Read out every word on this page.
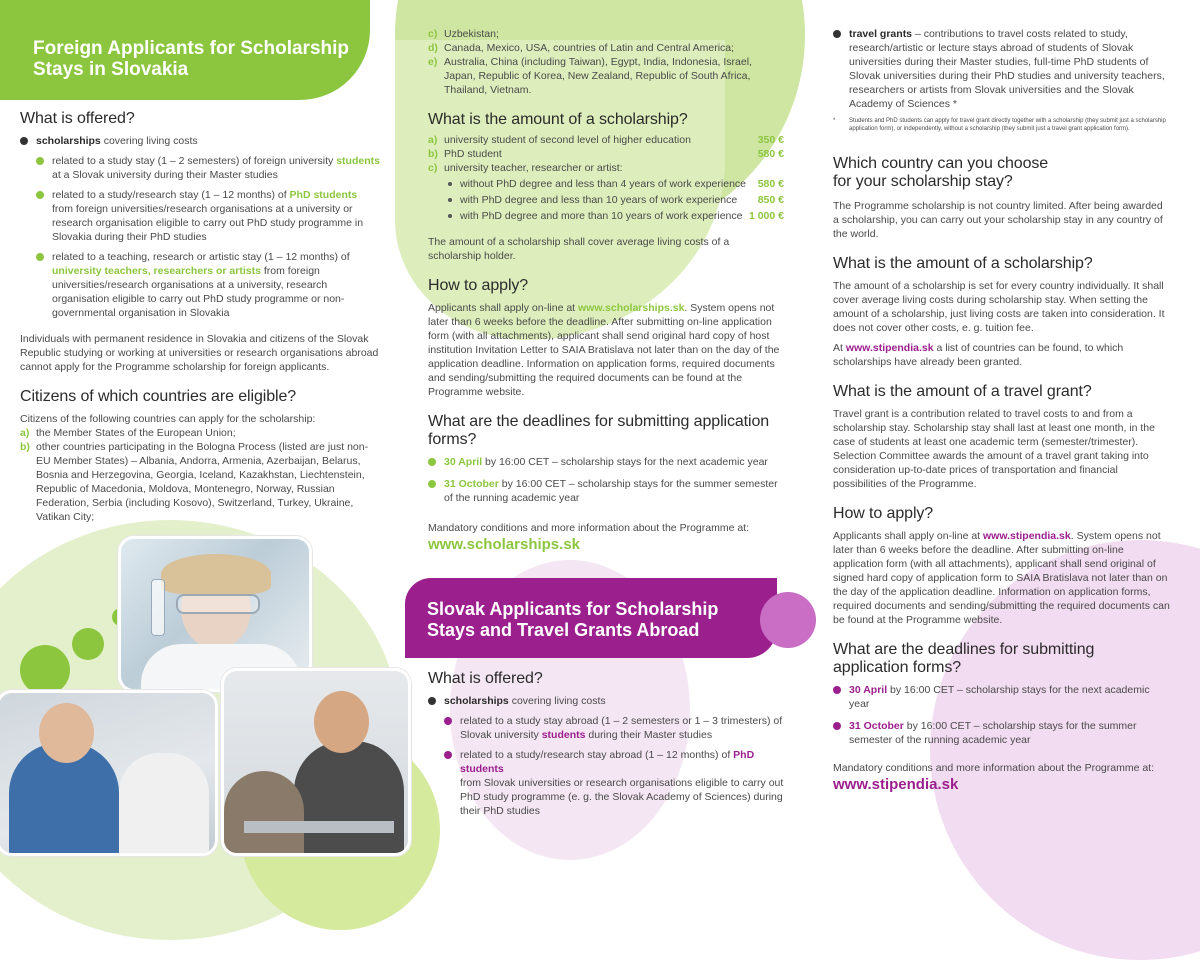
Foreign Applicants for Scholarship
Stays in Slovakia
What is offered?
scholarships covering living costs
related to a study stay (1 – 2 semesters) of foreign university students
at a Slovak university during their Master studies
related to a study/research stay (1 – 12 months) of PhD students
from foreign universities/research organisations at a university or research organisation eligible to carry out PhD study programme in Slovakia during their PhD studies
related to a teaching, research or artistic stay (1 – 12 months) of university teachers, researchers or artists from foreign universities/research organisations at a university, research organisation eligible to carry out PhD study programme or non-governmental organisation in Slovakia

Individuals with permanent residence in Slovakia and citizens of the Slovak Republic studying or working at universities or research organisations abroad cannot apply for the Programme scholarship for foreign applicants.

Citizens of which countries are eligible?

Citizens of the following countries can apply for the scholarship:

a) the Member States of the European Union;
b) other countries participating in the Bologna Process (listed are just non-EU Member States) – Albania, Andorra, Armenia, Azerbaijan, Belarus, Bosnia and Herzegovina, Georgia, Iceland, Kazakhstan, Liechtenstein, Republic of Macedonia, Moldova, Montenegro, Norway, Russian Federation, Serbia (including Kosovo), Switzerland, Turkey, Ukraine, Vatikan City;
c) Uzbekistan;
d) Canada, Mexico, USA, countries of Latin and Central America;
e) Australia, China (including Taiwan), Egypt, India, Indonesia, Israel, Japan, Republic of Korea, New Zealand, Republic of South Africa, Thailand, Vietnam.
What is the amount of a scholarship?
a) university student of second level of higher education	350 €
b) PhD student	580 €
c) university teacher, researcher or artist:
without PhD degree and less than 4 years of work experience 580 €
with PhD degree and less than 10 years of work experience 850 €
with PhD degree and more than 10 years of work experience 1 000 €

The amount of a scholarship shall cover average living costs of a scholarship holder.

How to apply?

Applicants shall apply on-line at www.scholarships.sk. System opens not later than 6 weeks before the deadline. After submitting on-line application form (with all attachments), applicant shall send original hard copy of host institution Invitation Letter to SAIA Bratislava not later than on the day of the application deadline. Information on application forms, required documents and sending/submitting the required documents can be found at the Programme website.

What are the deadlines for submitting application forms?
30 April by 16:00 CET – scholarship stays for the next academic year
31 October by 16:00 CET – scholarship stays for the summer semester of the running academic year

Mandatory conditions and more information about the Programme at:

www.scholarships.sk
Slovak Applicants for Scholarship
Stays and Travel Grants Abroad
What is offered?
scholarships covering living costs
related to a study stay abroad (1 – 2 semesters or 1 – 3 trimesters) of Slovak university students during their Master studies
related to a study/research stay abroad (1 – 12 months) of PhD students
from Slovak universities or research organisations eligible to carry out PhD study programme (e. g. the Slovak Academy of Sciences) during their PhD studies
travel grants – contributions to travel costs related to study, research/artistic or lecture stays abroad of students of Slovak universities during their Master studies, full-time PhD students of Slovak universities during their PhD studies and university teachers, researchers or artists from Slovak universities and the Slovak Academy of Sciences *
* Students and PhD students can apply for travel grant directly together with a scholarship (they submit just a scholarship application form), or independently, without a scholarship (they submit just a travel grant application form).
Which country can you choose
for your scholarship stay?

The Programme scholarship is not country limited. After being awarded a scholarship, you can carry out your scholarship stay in any country of the world.

What is the amount of a scholarship?

The amount of a scholarship is set for every country individually. It shall cover average living costs during scholarship stay. When setting the amount of a scholarship, just living costs are taken into consideration. It does not cover other costs, e. g. tuition fee.

At www.stipendia.sk a list of countries can be found, to which scholarships have already been granted.

What is the amount of a travel grant?

Travel grant is a contribution related to travel costs to and from a scholarship stay. Scholarship stay shall last at least one month, in the case of students at least one academic term (semester/trimester). Selection Committee awards the amount of a travel grant taking into consideration up-to-date prices of transportation and financial possibilities of the Programme.

How to apply?

Applicants shall apply on-line at www.stipendia.sk. System opens not later than 6 weeks before the deadline. After submitting on-line application form (with all attachments), applicant shall send original of signed hard copy of application form to SAIA Bratislava not later than on the day of the application deadline. Information on application forms, required documents and sending/submitting the required documents can be found at the Programme website.

What are the deadlines for submitting
application forms?
30 April by 16:00 CET – scholarship stays for the next academic year
31 October by 16:00 CET – scholarship stays for the summer semester of the running academic year

Mandatory conditions and more information about the Programme at:

www.stipendia.sk
